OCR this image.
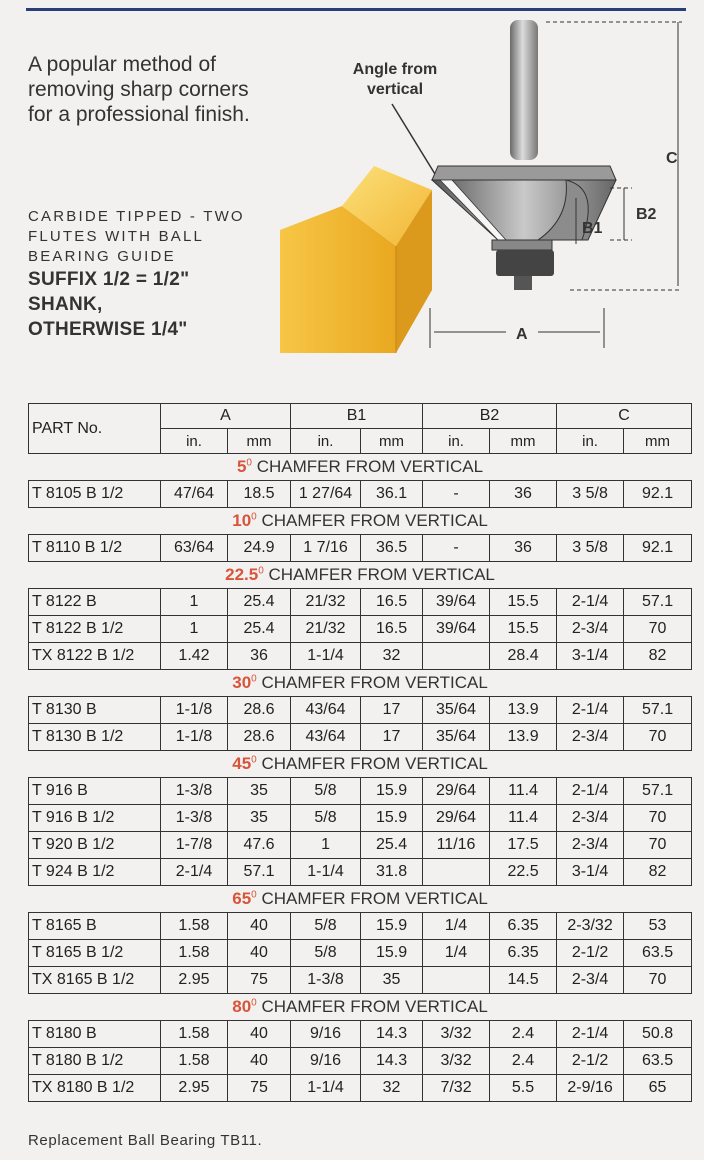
A popular method of
removing sharp corners
for a professional finish.
CARBIDE TIPPED - TWO
FLUTES WITH BALL
BEARING GUIDE
SUFFIX 1/2 = 1/2"
SHANK,
OTHERWISE 1/4"
Angle from
vertical
C
B2
B1
A
PART No.	A		B1		B2		C	
	in.	mm	in.	mm	in.	mm	in.	mm
$5^0$ CHAMFER FROM VERTICAL								
T 8105 B 1/2	47/64	18.5	1 27/64	36.1	-	36	3 5/8	92.1
$10^0$ CHAMFER FROM VERTICAL								
T 8110 B 1/2	63/64	24.9	1 7/16	36.5	-	36	3 5/8	92.1
22.5$^0$ CHAMFER FROM VERTICAL								
T 8122 B	1	25.4	21/32	16.5	39/64	15.5	2-1/4	57.1
T 8122 B 1/2	1	25.4	21/32	16.5	39/64	15.5	2-3/4	70
TX 8122 B 1/2	1.42	36	1-1/4	32		28.4	3-1/4	82
$30^0$ CHAMFER FROM VERTICAL								
T 8130 B	1-1/8	28.6	43/64	17	35/64	13.9	2-1/4	57.1
T 8130 B 1/2	1-1/8	28.6	43/64	17	35/64	13.9	2-3/4	70
$45^0$ CHAMFER FROM VERTICAL								
T 916 B	1-3/8	35	5/8	15.9	29/64	11.4	2-1/4	57.1
T 916 B 1/2	1-3/8	35	5/8	15.9	29/64	11.4	2-3/4	70
T 920 B 1/2	1-7/8	47.6	1	25.4	11/16	17.5	2-3/4	70
T 924 B 1/2	2-1/4	57.1	1-1/4	31.8		22.5	3-1/4	82
$65^0$ CHAMFER FROM VERTICAL								
T 8165 B	1.58	40	5/8	15.9	1/4	6.35	2-3/32	53
T 8165 B 1/2	1.58	40	5/8	15.9	1/4	6.35	2-1/2	63.5
TX 8165 B 1/2	2.95	75	1-3/8	35		14.5	2-3/4	70
$80^0$ CHAMFER FROM VERTICAL								
T 8180 B	1.58	40	9/16	14.3	3/32	2.4	2-1/4	50.8
T 8180 B 1/2	1.58	40	9/16	14.3	3/32	2.4	2-1/2	63.5
TX 8180 B 1/2	2.95	75	1-1/4	32	7/32	5.5	2-9/16	65
Replacement Ball Bearing TB11.
